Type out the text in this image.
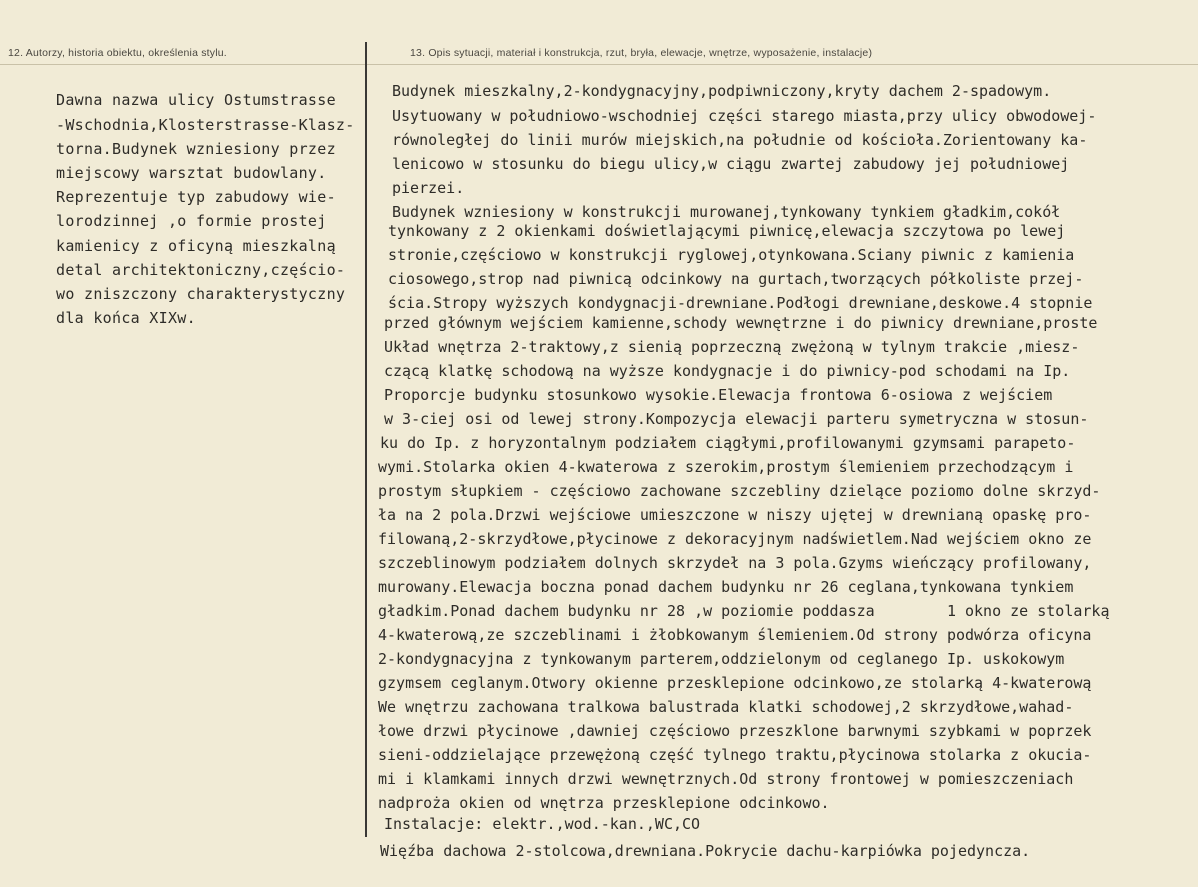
12. Autorzy, historia obiektu, określenia stylu.	13. Opis sytuacji, materiał i konstrukcja, rzut, bryła, elewacje, wnętrze, wyposażenie, instalacje)
Dawna nazwa ulicy Ostumstrasse
-Wschodnia,Klosterstrasse-Klasz-
torna.Budynek wzniesiony przez
miejscowy warsztat budowlany.
Reprezentuje typ zabudowy wie-
lorodzinnej ,o formie prostej
kamienicy z oficyną mieszkalną
detal architektoniczny,częścio-
wo zniszczony charakterystyczny
dla końca XIXw.
Budynek mieszkalny,2-kondygnacyjny,podpiwniczony,kryty dachem 2-spadowym.
Usytuowany w południowo-wschodniej części starego miasta,przy ulicy obwodowej-
równoległej do linii murów miejskich,na południe od kościoła.Zorientowany ka-
lenicowo w stosunku do biegu ulicy,w ciągu zwartej zabudowy jej południowej
pierzei.
Budynek wzniesiony w konstrukcji murowanej,tynkowany tynkiem gładkim,cokół
tynkowany z 2 okienkami doświetlającymi piwnicę,elewacja szczytowa po lewej
stronie,częściowo w konstrukcji ryglowej,otynkowana.Sciany piwnic z kamienia
ciosowego,strop nad piwnicą odcinkowy na gurtach,tworzących półkoliste przej-
ścia.Stropy wyższych kondygnacji-drewniane.Podłogi drewniane,deskowe.4 stopnie
przed głównym wejściem kamienne,schody wewnętrzne i do piwnicy drewniane,proste
Układ wnętrza 2-traktowy,z sienią poprzeczną zwężoną w tylnym trakcie ,miesz-
czącą klatkę schodową na wyższe kondygnacje i do piwnicy-pod schodami na Ip.
Proporcje budynku stosunkowo wysokie.Elewacja frontowa 6-osiowa z wejściem
w 3-ciej osi od lewej strony.Kompozycja elewacji parteru symetryczna w stosun-
ku do Ip. z horyzontalnym podziałem ciągłymi,profilowanymi gzymsami parapeto-
wymi.Stolarka okien 4-kwaterowa z szerokim,prostym ślemieniem przechodzącym i
prostym słupkiem - częściowo zachowane szczebliny dzielące poziomo dolne skrzyd-
ła na 2 pola.Drzwi wejściowe umieszczone w niszy ujętej w drewnianą opaskę pro-
filowaną,2-skrzydłowe,płycinowe z dekoracyjnym nadświetlem.Nad wejściem okno ze
szczeblinowym podziałem dolnych skrzydeł na 3 pola.Gzyms wieńczący profilowany,
murowany.Elewacja boczna ponad dachem budynku nr 26 ceglana,tynkowana tynkiem
gładkim.Ponad dachem budynku nr 28 ,w poziomie poddasza        1 okno ze stolarką
4-kwaterową,ze szczeblinami i żłobkowanym ślemieniem.Od strony podwórza oficyna
2-kondygnacyjna z tynkowanym parterem,oddzielonym od ceglanego Ip. uskokowym
gzymsem ceglanym.Otwory okienne przesklepione odcinkowo,ze stolarką 4-kwaterową
We wnętrzu zachowana tralkowa balustrada klatki schodowej,2 skrzydłowe,wahad-
łowe drzwi płycinowe ,dawniej częściowo przeszklone barwnymi szybkami w poprzek
sieni-oddzielające przewężoną część tylnego traktu,płycinowa stolarka z okucia-
mi i klamkami innych drzwi wewnętrznych.Od strony frontowej w pomieszczeniach
nadproża okien od wnętrza przesklepione odcinkowo.
Instalacje: elektr.,wod.-kan.,WC,CO
Więźba dachowa 2-stolcowa,drewniana.Pokrycie dachu-karpiówka pojedyncza.
